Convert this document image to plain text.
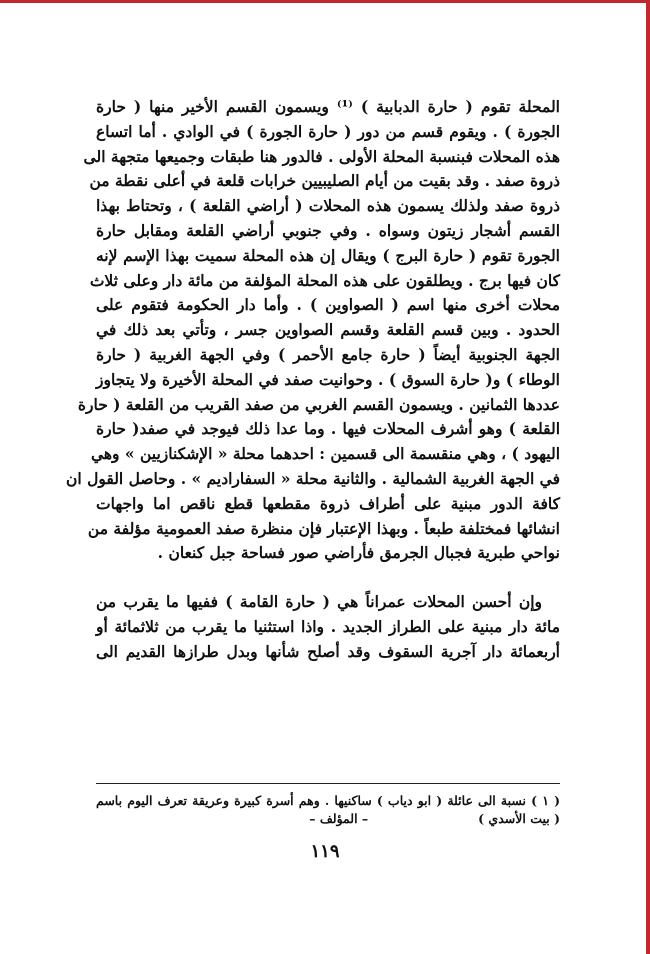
المحلة تقوم ( حارة الدبابية ) ⁽¹⁾ ويسمون القسم الأخير منها ( حارة
الجورة ) . ويقوم قسم من دور ( حارة الجورة ) في الوادي . أما اتساع
هذه المحلات فبنسبة المحلة الأولى . فالدور هنا طبقات وجميعها متجهة الى
ذروة صفد . وقد بقيت من أيام الصليبيين خرابات قلعة في أعلى نقطة من
ذروة صفد ولذلك يسمون هذه المحلات ( أراضي القلعة ) ، وتحتاط بهذا
القسم أشجار زيتون وسواه . وفي جنوبي أراضي القلعة ومقابل حارة
الجورة تقوم ( حارة البرج ) ويقال إن هذه المحلة سميت بهذا الإسم لإنه
كان فيها برج . ويطلقون على هذه المحلة المؤلفة من مائة دار وعلى ثلاث
محلات أخرى منها اسم ( الصواوين ) . وأما دار الحكومة فتقوم على
الحدود . وبين قسم القلعة وقسم الصواوين جسر ، وتأتي بعد ذلك في
الجهة الجنوبية أيضاً ( حارة جامع الأحمر ) وفي الجهة الغربية ( حارة
الوطاء ) و( حارة السوق ) . وحوانيت صفد في المحلة الأخيرة ولا يتجاوز
عددها الثمانين . ويسمون القسم الغربي من صفد القريب من القلعة ( حارة
القلعة ) وهو أشرف المحلات فيها . وما عدا ذلك فيوجد في صفد( حارة
اليهود ) ، وهي منقسمة الى قسمين : احدهما محلة « الإشكنازيين » وهي
في الجهة الغربية الشمالية . والثانية محلة « السفاراديم » . وحاصل القول ان
كافة الدور مبنية على أطراف ذروة مقطعها قطع ناقص اما واجهات
انشائها فمختلفة طبعاً . وبهذا الإعتبار فإن منظرة صفد العمومية مؤلفة من
نواحي طبرية فجبال الجرمق فأراضي صور فساحة جبل كنعان .
وإن أحسن المحلات عمراناً هي ( حارة القامة ) ففيها ما يقرب من
مائة دار مبنية على الطراز الجديد . واذا استثنيا ما يقرب من ثلاثمائة أو
أربعمائة دار آجرية السقوف وقد أصلح شأنها وبدل طرازها القديم الى
( ١ ) نسبة الى عائلة ( ابو دياب ) ساكنيها . وهم أسرة كبيرة وعريقة تعرف اليوم باسم
( بيت الأسدي )
– المؤلف –
١١٩
